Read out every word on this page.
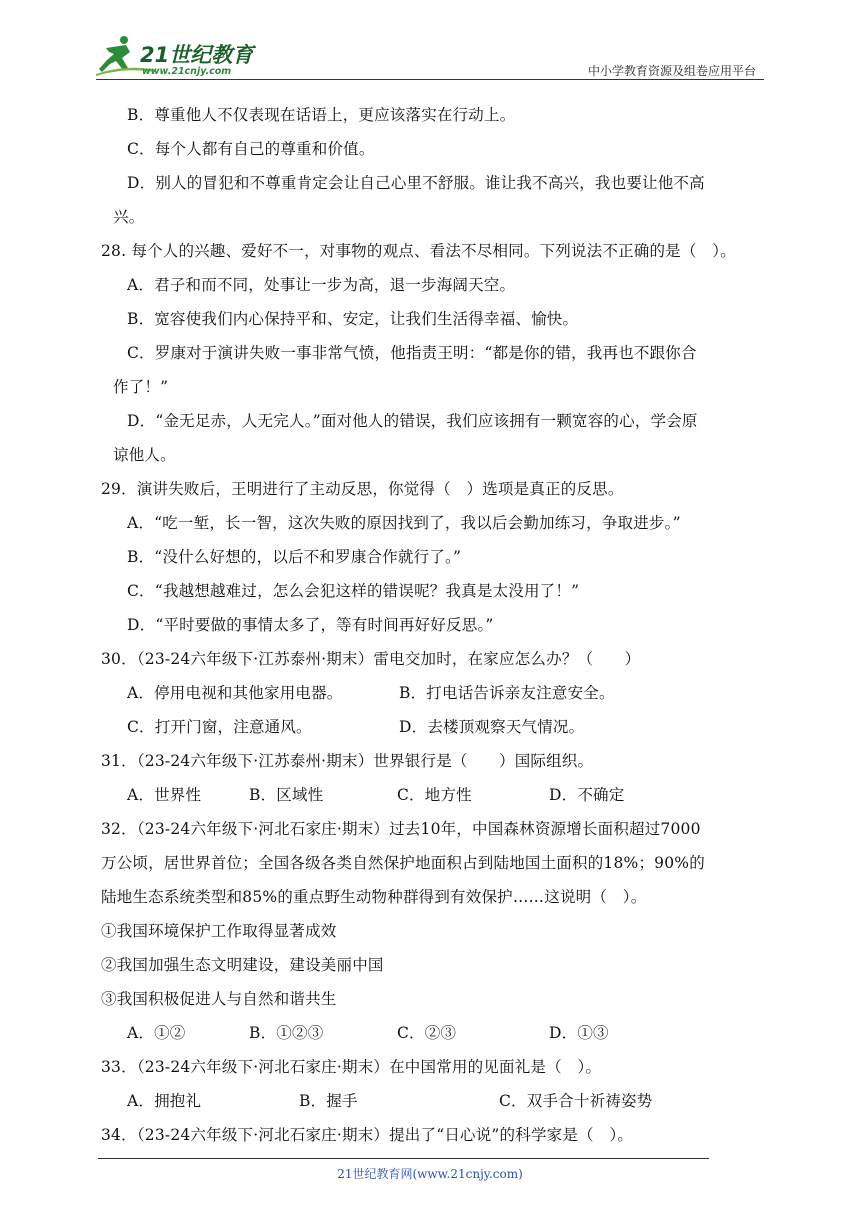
21世纪教育
www.21cnjy.com	中小学教育资源及组卷应用平台
B．尊重他人不仅表现在话语上，更应该落实在行动上。
C．每个人都有自己的尊重和价值。
D．别人的冒犯和不尊重肯定会让自己心里不舒服。谁让我不高兴，我也要让他不高
兴。
28. 每个人的兴趣、爱好不一，对事物的观点、看法不尽相同。下列说法不正确的是（　）。
A．君子和而不同，处事让一步为高，退一步海阔天空。
B．宽容使我们内心保持平和、安定，让我们生活得幸福、愉快。
C．罗康对于演讲失败一事非常气愤，他指责王明：“都是你的错，我再也不跟你合
作了！”
D．“金无足赤，人无完人。”面对他人的错误，我们应该拥有一颗宽容的心，学会原
谅他人。
29．演讲失败后，王明进行了主动反思，你觉得（　）选项是真正的反思。
A．“吃一堑，长一智，这次失败的原因找到了，我以后会勤加练习，争取进步。”
B．“没什么好想的，以后不和罗康合作就行了。”
C．“我越想越难过，怎么会犯这样的错误呢？我真是太没用了！”
D．“平时要做的事情太多了，等有时间再好好反思。”
30．（23-24六年级下·江苏泰州·期末）雷电交加时，在家应怎么办？（　　）
A．停用电视和其他家用电器。	B．打电话告诉亲友注意安全。
C．打开门窗，注意通风。	D．去楼顶观察天气情况。
31．（23-24六年级下·江苏泰州·期末）世界银行是（　　）国际组织。
A．世界性	B．区域性	C．地方性	D．不确定
32．（23-24六年级下·河北石家庄·期末）过去10年，中国森林资源增长面积超过7000
万公顷，居世界首位；全国各级各类自然保护地面积占到陆地国土面积的18%；90%的
陆地生态系统类型和85%的重点野生动物种群得到有效保护……这说明（　）。
①我国环境保护工作取得显著成效
②我国加强生态文明建设，建设美丽中国
③我国积极促进人与自然和谐共生
A．①②	B．①②③	C．②③	D．①③
33．（23-24六年级下·河北石家庄·期末）在中国常用的见面礼是（　）。
A．拥抱礼	B．握手	C．双手合十祈祷姿势
34．（23-24六年级下·河北石家庄·期末）提出了“日心说”的科学家是（　）。
21世纪教育网(www.21cnjy.com)
